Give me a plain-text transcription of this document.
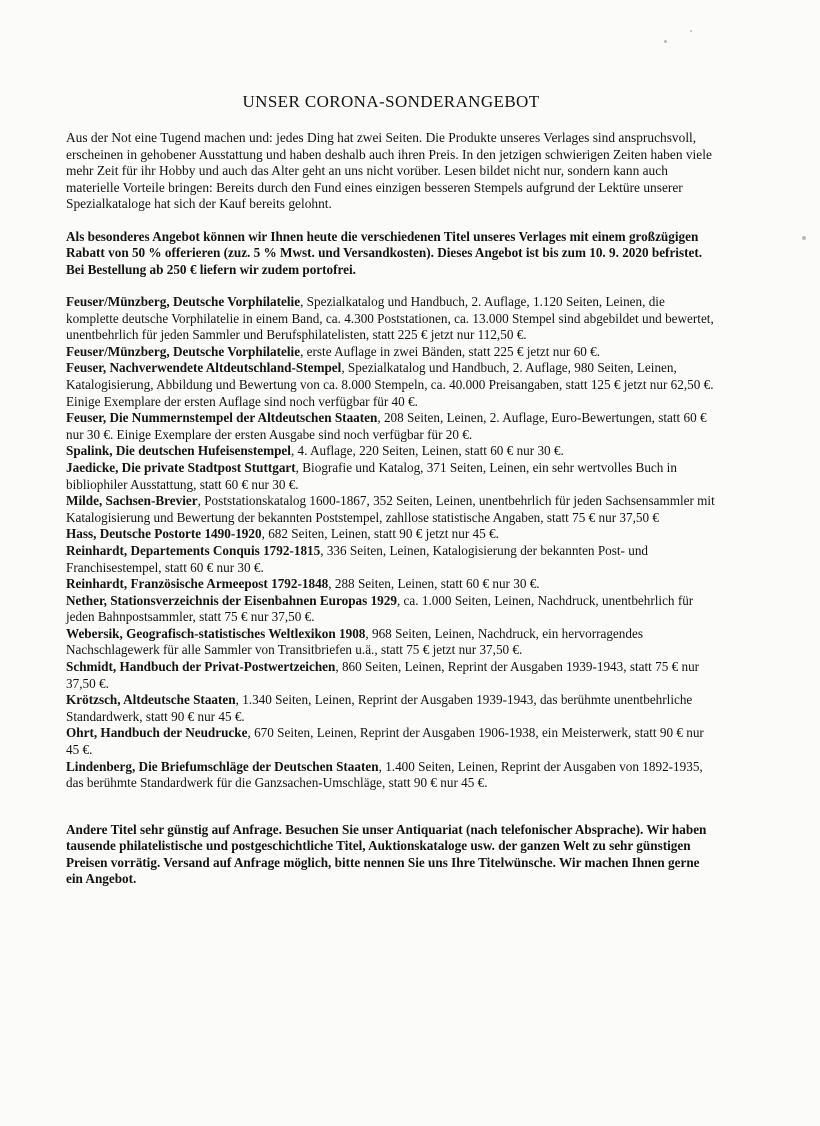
UNSER CORONA-SONDERANGEBOT

Aus der Not eine Tugend machen und: jedes Ding hat zwei Seiten. Die Produkte unseres Verlages sind anspruchsvoll, erscheinen in gehobener Ausstattung und haben deshalb auch ihren Preis. In den jetzigen schwierigen Zeiten haben viele mehr Zeit für ihr Hobby und auch das Alter geht an uns nicht vorüber. Lesen bildet nicht nur, sondern kann auch materielle Vorteile bringen: Bereits durch den Fund eines einzigen besseren Stempels aufgrund der Lektüre unserer Spezialkataloge hat sich der Kauf bereits gelohnt.

Als besonderes Angebot können wir Ihnen heute die verschiedenen Titel unseres Verlages mit einem großzügigen Rabatt von 50 % offerieren (zuz. 5 % Mwst. und Versandkosten). Dieses Angebot ist bis zum 10. 9. 2020 befristet. Bei Bestellung ab 250 € liefern wir zudem portofrei.

Feuser/Münzberg, Deutsche Vorphilatelie, Spezialkatalog und Handbuch, 2. Auflage, 1.120 Seiten, Leinen, die komplette deutsche Vorphilatelie in einem Band, ca. 4.300 Poststationen, ca. 13.000 Stempel sind abgebildet und bewertet, unentbehrlich für jeden Sammler und Berufsphilatelisten, statt 225 € jetzt nur 112,50 €.

Feuser/Münzberg, Deutsche Vorphilatelie, erste Auflage in zwei Bänden, statt 225 € jetzt nur 60 €.

Feuser, Nachverwendete Altdeutschland-Stempel, Spezialkatalog und Handbuch, 2. Auflage, 980 Seiten, Leinen, Katalogisierung, Abbildung und Bewertung von ca. 8.000 Stempeln, ca. 40.000 Preisangaben, statt 125 € jetzt nur 62,50 €. Einige Exemplare der ersten Auflage sind noch verfügbar für 40 €.

Feuser, Die Nummernstempel der Altdeutschen Staaten, 208 Seiten, Leinen, 2. Auflage, Euro-Bewertungen, statt 60 € nur 30 €. Einige Exemplare der ersten Ausgabe sind noch verfügbar für 20 €.

Spalink, Die deutschen Hufeisenstempel, 4. Auflage, 220 Seiten, Leinen, statt 60 € nur 30 €.

Jaedicke, Die private Stadtpost Stuttgart, Biografie und Katalog, 371 Seiten, Leinen, ein sehr wertvolles Buch in bibliophiler Ausstattung, statt 60 € nur 30 €.

Milde, Sachsen-Brevier, Poststationskatalog 1600-1867, 352 Seiten, Leinen, unentbehrlich für jeden Sachsensammler mit Katalogisierung und Bewertung der bekannten Poststempel, zahllose statistische Angaben, statt 75 € nur 37,50 €

Hass, Deutsche Postorte 1490-1920, 682 Seiten, Leinen, statt 90 € jetzt nur 45 €.

Reinhardt, Departements Conquis 1792-1815, 336 Seiten, Leinen, Katalogisierung der bekannten Post- und Franchisestempel, statt 60 € nur 30 €.

Reinhardt, Französische Armeepost 1792-1848, 288 Seiten, Leinen, statt 60 € nur 30 €.

Nether, Stationsverzeichnis der Eisenbahnen Europas 1929, ca. 1.000 Seiten, Leinen, Nachdruck, unentbehrlich für jeden Bahnpostsammler, statt 75 € nur 37,50 €.

Webersik, Geografisch-statistisches Weltlexikon 1908, 968 Seiten, Leinen, Nachdruck, ein hervorragendes Nachschlagewerk für alle Sammler von Transitbriefen u.ä., statt 75 € jetzt nur 37,50 €.

Schmidt, Handbuch der Privat-Postwertzeichen, 860 Seiten, Leinen, Reprint der Ausgaben 1939-1943, statt 75 € nur 37,50 €.

Krötzsch, Altdeutsche Staaten, 1.340 Seiten, Leinen, Reprint der Ausgaben 1939-1943, das berühmte unentbehrliche Standardwerk, statt 90 € nur 45 €.

Ohrt, Handbuch der Neudrucke, 670 Seiten, Leinen, Reprint der Ausgaben 1906-1938, ein Meisterwerk, statt 90 € nur 45 €.

Lindenberg, Die Briefumschläge der Deutschen Staaten, 1.400 Seiten, Leinen, Reprint der Ausgaben von 1892-1935, das berühmte Standardwerk für die Ganzsachen-Umschläge, statt 90 € nur 45 €.

Andere Titel sehr günstig auf Anfrage. Besuchen Sie unser Antiquariat (nach telefonischer Absprache). Wir haben tausende philatelistische und postgeschichtliche Titel, Auktionskataloge usw. der ganzen Welt zu sehr günstigen Preisen vorrätig. Versand auf Anfrage möglich, bitte nennen Sie uns Ihre Titelwünsche. Wir machen Ihnen gerne ein Angebot.
